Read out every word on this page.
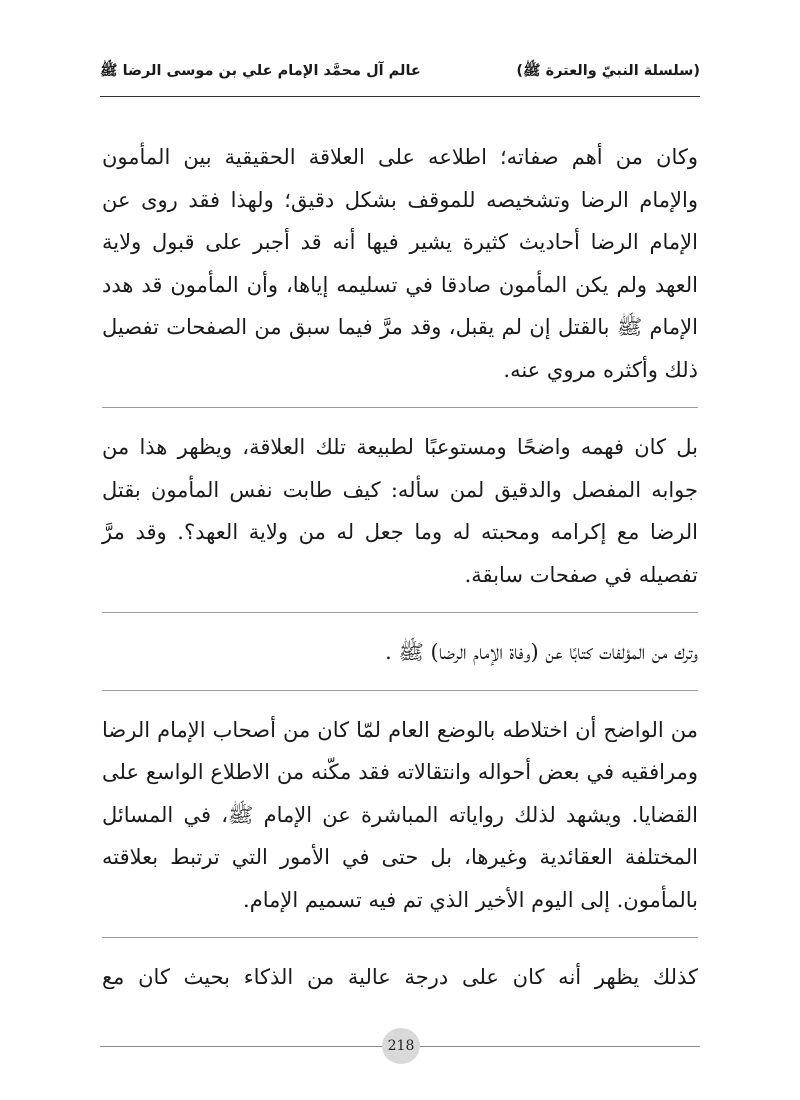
(سلسلة النبيّ والعترة ﷺ)
عالم آل محمَّد الإمام علي بن موسى الرضا ﷺ

وكان من أهم صفاته؛ اطلاعه على العلاقة الحقيقية بين المأمون والإمام الرضا وتشخيصه للموقف بشكل دقيق؛ ولهذا فقد روى عن الإمام الرضا أحاديث كثيرة يشير فيها أنه قد أجبر على قبول ولاية العهد ولم يكن المأمون صادقا في تسليمه إياها، وأن المأمون قد هدد الإمام ﷺ بالقتل إن لم يقبل، وقد مرَّ فيما سبق من الصفحات تفصيل ذلك وأكثره مروي عنه.

بل كان فهمه واضحًا ومستوعبًا لطبيعة تلك العلاقة، ويظهر هذا من جوابه المفصل والدقيق لمن سأله: كيف طابت نفس المأمون بقتل الرضا مع إكرامه ومحبته له وما جعل له من ولاية العهد؟. وقد مرَّ تفصيله في صفحات سابقة.

وترك من المؤلفات كتابًا عن (وفاة الإمام الرضا) ﷺ .

من الواضح أن اختلاطه بالوضع العام لمّا كان من أصحاب الإمام الرضا ومرافقيه في بعض أحواله وانتقالاته فقد مكّنه من الاطلاع الواسع على القضايا. ويشهد لذلك رواياته المباشرة عن الإمام ﷺ، في المسائل المختلفة العقائدية وغيرها، بل حتى في الأمور التي ترتبط بعلاقته بالمأمون. إلى اليوم الأخير الذي تم فيه تسميم الإمام.

كذلك يظهر أنه كان على درجة عالية من الذكاء بحيث كان مع

218
